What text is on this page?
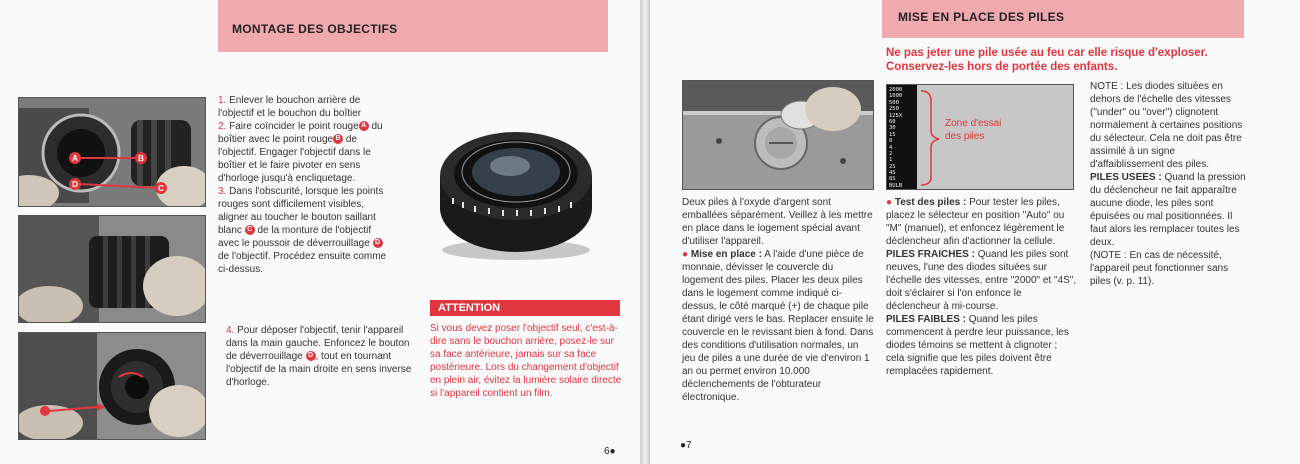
MONTAGE DES OBJECTIFS
A	B
D	C

1. Enlever le bouchon arrière de l'objectif et le bouchon du boîtier

2. Faire coïncider le point rouge A du boîtier avec le point rouge B de l'objectif. Engager l'objectif dans le boîtier et le faire pivoter en sens d'horloge jusqu'à encliquetage.

3. Dans l'obscurité, lorsque les points rouges sont difficilement visibles, aligner au toucher le bouton saillant blanc C de la monture de l'objectif avec le poussoir de déverrouillage D de l'objectif. Procédez ensuite comme ci-dessus.

4. Pour déposer l'objectif, tenir l'appareil dans la main gauche. Enfoncez le bouton de déverrouillage D , tout en tournant l'objectif de la main droite en sens inverse d'horloge.

ATTENTION
Si vous devez poser l'objectif seul, c'est-à-dire sans le bouchon arrière, posez-le sur sa face antérieure, jamais sur sa face postérieure. Lors du changement d'objectif en plein air, évitez la lumière solaire directe si l'appareil contient un film.
6●
MISE EN PLACE DES PILES
Ne pas jeter une pile usée au feu car elle risque d'exploser. Conservez-les hors de portée des enfants.
2000
1000
500
250
125X
60
30
15
8
4
2
1
2S
4S
8S
BULB
Zone d'essai des piles

Deux piles à l'oxyde d'argent sont emballées séparément. Veillez à les mettre en place dans le logement spécial avant d'utiliser l'appareil.

● Mise en place : A l'aide d'une pièce de monnaie, dévisser le couvercle du logement des piles. Placer les deux piles dans le logement comme indiqué ci-dessus, le côté marqué (+) de chaque pile étant dirigé vers le bas. Replacer ensuite le couvercle en le revissant bien à fond. Dans des conditions d'utilisation normales, un jeu de piles a une durée de vie d'environ 1 an ou permet environ 10.000 déclenchements de l'obturateur électronique.

● Test des piles : Pour tester les piles, placez le sélecteur en position "Auto" ou "M" (manuel), et enfoncez légèrement le déclencheur afin d'actionner la cellule.

PILES FRAICHES : Quand les piles sont neuves, l'une des diodes situées sur l'échelle des vitesses, entre "2000" et "4S", doit s'éclairer si l'on enfonce le déclencheur à mi-course.

PILES FAIBLES : Quand les piles commencent à perdre leur puissance, les diodes témoins se mettent à clignoter ; cela signifie que les piles doivent être remplacées rapidement.

NOTE : Les diodes situées en dehors de l'échelle des vitesses ("under" ou "over") clignotent normalement à certaines positions du sélecteur. Cela ne doit pas être assimilé à un signe d'affaiblissement des piles.

PILES USEES : Quand la pression du déclencheur ne fait apparaître aucune diode, les piles sont épuisées ou mal positionnées. Il faut alors les remplacer toutes les deux.

(NOTE : En cas de nécessité, l'appareil peut fonctionner sans piles (v. p. 11).

●7
